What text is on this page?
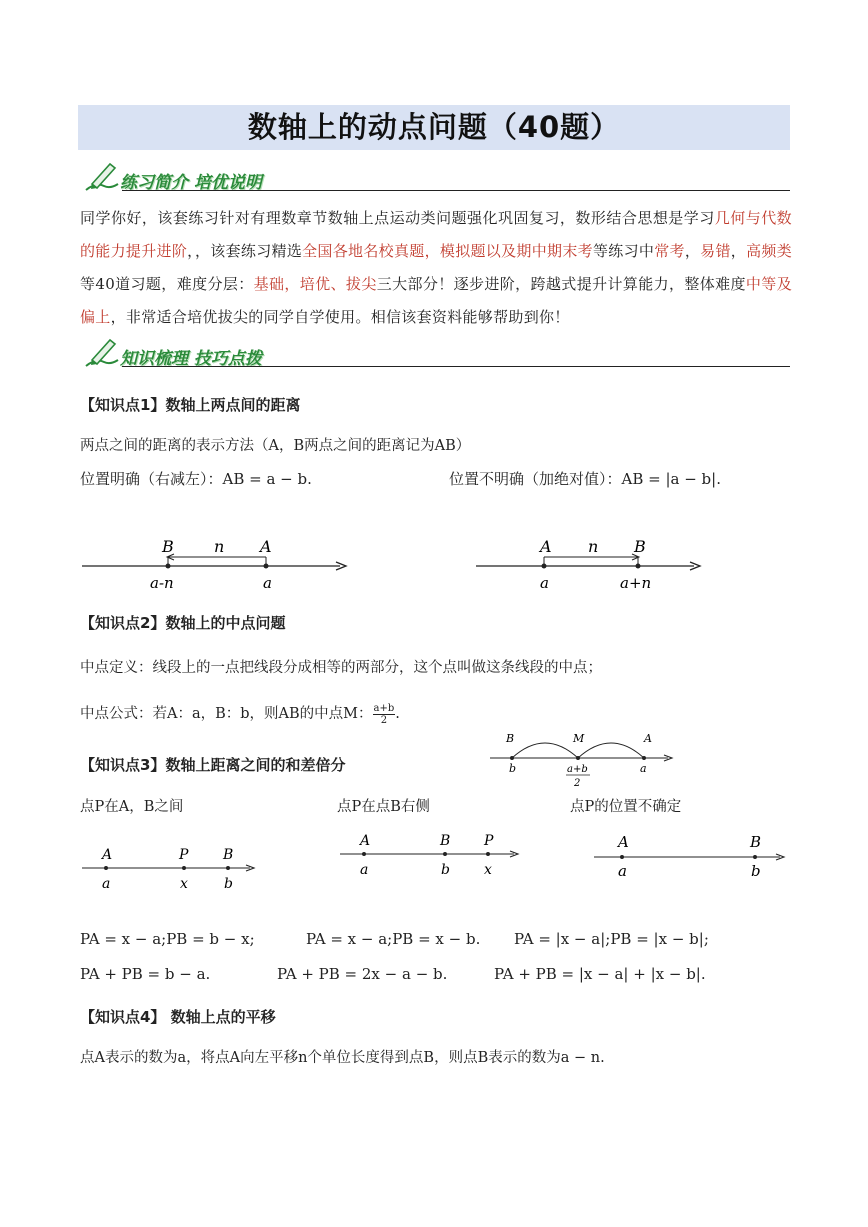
数轴上的动点问题（40题）
练习简介 培优说明
同学你好，该套练习针对有理数章节数轴上点运动类问题强化巩固复习，数形结合思想是学习几何与代数的能力提升进阶，，该套练习精选全国各地名校真题，模拟题以及期中期末考等练习中常考，易错，高频类等40道习题，难度分层：基础，培优、拔尖三大部分！逐步进阶，跨越式提升计算能力，整体难度中等及偏上，非常适合培优拔尖的同学自学使用。相信该套资料能够帮助到你！
知识梳理 技巧点拨
【知识点1】数轴上两点间的距离
两点之间的距离的表示方法（A，B两点之间的距离记为AB）
位置明确（右减左）：AB = a − b.	位置不明确（加绝对值）：AB = |a − b|.
B	n A
a-n	a
A n B
a	a+n
【知识点2】数轴上的中点问题
中点定义：线段上的一点把线段分成相等的两部分，这个点叫做这条线段的中点；
中点公式：若A：a，B：b，则AB的中点M： $\frac{a+b}{2}$ .
B	M	A
b	a+b
2
a
【知识点3】数轴上距离之间的和差倍分
点P在A，B之间	点P在点B右侧	点P的位置不确定
A	P B
a	x	b
A	B P
a	b x
A	B
a	b
PA = x − a;PB = b − x;	PA = x − a;PB = x − b. PA = |x − a|;PB = |x − b|;
PA + PB = b − a.	PA + PB = 2x − a − b.	PA + PB = |x − a| + |x − b|.
【知识点4】 数轴上点的平移
点A表示的数为a，将点A向左平移n个单位长度得到点B，则点B表示的数为a − n.
